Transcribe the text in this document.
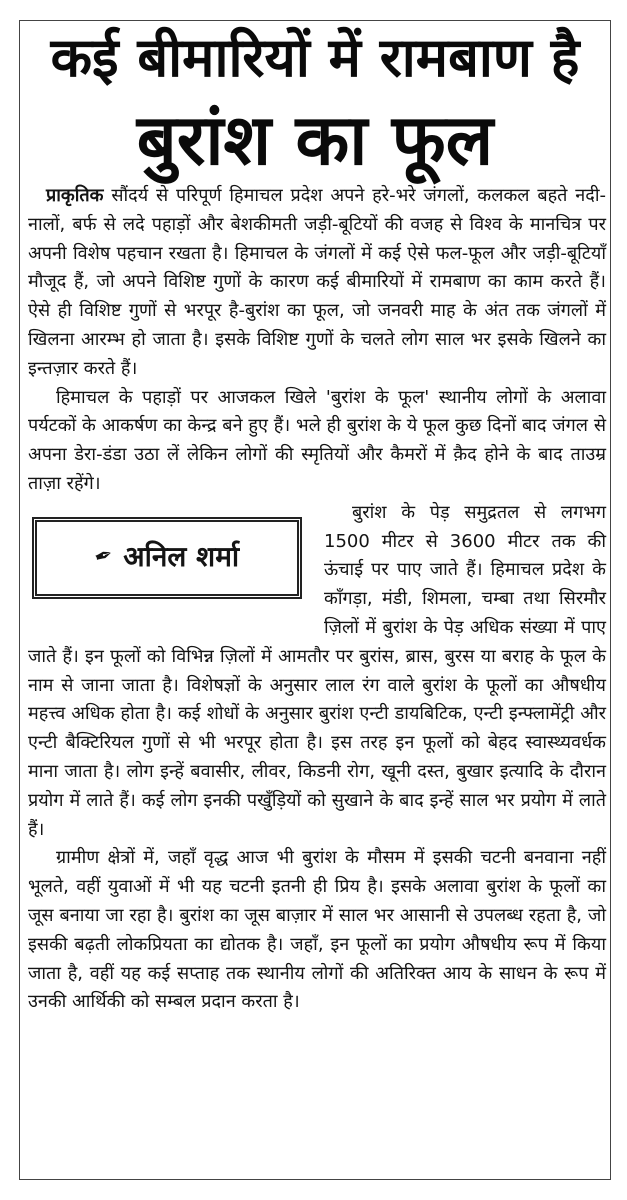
कई बीमारियों में रामबाण है
बुरांश का फूल

प्राकृतिक सौंदर्य से परिपूर्ण हिमाचल प्रदेश अपने हरे-भरे जंगलों, कलकल बहते नदी-नालों, बर्फ से लदे पहाड़ों और बेशकीमती जड़ी-बूटियों की वजह से विश्व के मानचित्र पर अपनी विशेष पहचान रखता है। हिमाचल के जंगलों में कई ऐसे फल-फूल और जड़ी-बूटियाँ मौजूद हैं, जो अपने विशिष्ट गुणों के कारण कई बीमारियों में रामबाण का काम करते हैं। ऐसे ही विशिष्ट गुणों से भरपूर है-बुरांश का फूल, जो जनवरी माह के अंत तक जंगलों में खिलना आरम्भ हो जाता है। इसके विशिष्ट गुणों के चलते लोग साल भर इसके खिलने का इन्तज़ार करते हैं।

हिमाचल के पहाड़ों पर आजकल खिले 'बुरांश के फूल' स्थानीय लोगों के अलावा पर्यटकों के आकर्षण का केन्द्र बने हुए हैं। भले ही बुरांश के ये फूल कुछ दिनों बाद जंगल से अपना डेरा-डंडा उठा लें लेकिन लोगों की स्मृतियों और कैमरों में क़ैद होने के बाद ताउम्र ताज़ा रहेंगे।

✒ अनिल शर्मा

बुरांश के पेड़ समुद्रतल से लगभग 1500 मीटर से 3600 मीटर तक की ऊंचाई पर पाए जाते हैं। हिमाचल प्रदेश के काँगड़ा, मंडी, शिमला, चम्बा तथा सिरमौर ज़िलों में बुरांश के पेड़ अधिक संख्या में पाए जाते हैं। इन फूलों को विभिन्न ज़िलों में आमतौर पर बुरांस, ब्रास, बुरस या बराह के फूल के नाम से जाना जाता है। विशेषज्ञों के अनुसार लाल रंग वाले बुरांश के फूलों का औषधीय महत्त्व अधिक होता है। कई शोधों के अनुसार बुरांश एन्टी डायबिटिक, एन्टी इन्फ्लामेंट्री और एन्टी बैक्टिरियल गुणों से भी भरपूर होता है। इस तरह इन फूलों को बेहद स्वास्थ्यवर्धक माना जाता है। लोग इन्हें बवासीर, लीवर, किडनी रोग, खूनी दस्त, बुखार इत्यादि के दौरान प्रयोग में लाते हैं। कई लोग इनकी पखुँड़ियों को सुखाने के बाद इन्हें साल भर प्रयोग में लाते हैं।

ग्रामीण क्षेत्रों में, जहाँ वृद्ध आज भी बुरांश के मौसम में इसकी चटनी बनवाना नहीं भूलते, वहीं युवाओं में भी यह चटनी इतनी ही प्रिय है। इसके अलावा बुरांश के फूलों का जूस बनाया जा रहा है। बुरांश का जूस बाज़ार में साल भर आसानी से उपलब्ध रहता है, जो इसकी बढ़ती लोकप्रियता का द्योतक है। जहाँ, इन फूलों का प्रयोग औषधीय रूप में किया जाता है, वहीं यह कई सप्ताह तक स्थानीय लोगों की अतिरिक्त आय के साधन के रूप में उनकी आर्थिकी को सम्बल प्रदान करता है।
